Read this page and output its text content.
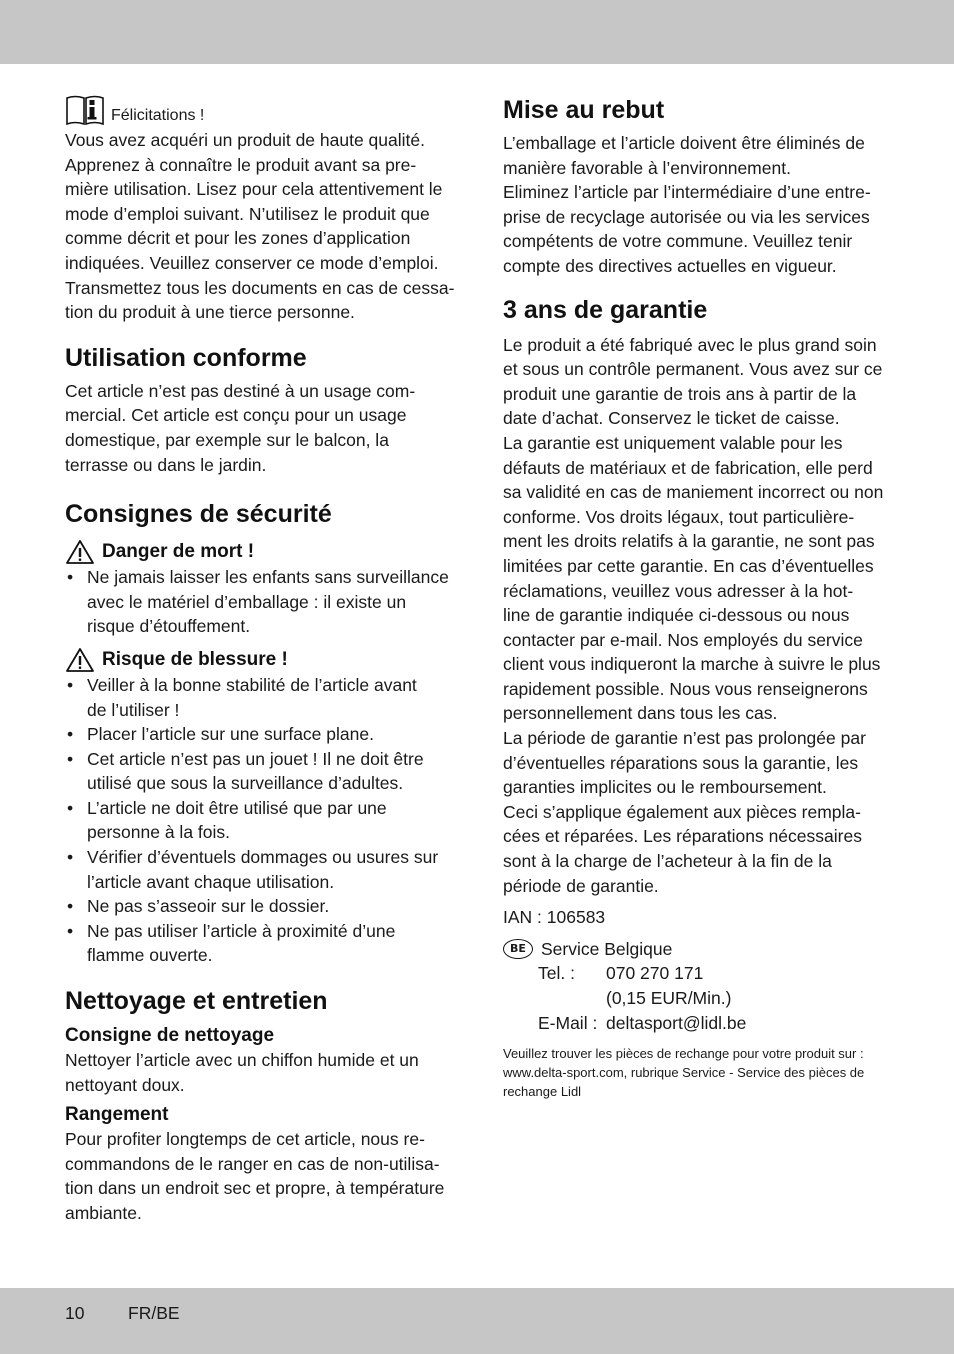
Félicitations !

Vous avez acquéri un produit de haute qualité.

Apprenez à connaître le produit avant sa pre-

mière utilisation. Lisez pour cela attentivement le

mode d’emploi suivant. N’utilisez le produit que

comme décrit et pour les zones d’application

indiquées. Veuillez conserver ce mode d’emploi.

Transmettez tous les documents en cas de cessa-

tion du produit à une tierce personne.

Utilisation conforme

Cet article n’est pas destiné à un usage com-

mercial. Cet article est conçu pour un usage

domestique, par exemple sur le balcon, la

terrasse ou dans le jardin.

Consignes de sécurité
Danger de mort !
• Ne jamais laisser les enfants sans surveillance
avec le matériel d’emballage : il existe un
risque d’étouffement.
Risque de blessure !
• Veiller à la bonne stabilité de l’article avant
de l’utiliser !
• Placer l’article sur une surface plane.
• Cet article n’est pas un jouet ! Il ne doit être
utilisé que sous la surveillance d’adultes.
• L’article ne doit être utilisé que par une
personne à la fois.
• Vérifier d’éventuels dommages ou usures sur
l’article avant chaque utilisation.
• Ne pas s’asseoir sur le dossier.
• Ne pas utiliser l’article à proximité d’une
flamme ouverte.
Nettoyage et entretien
Consigne de nettoyage

Nettoyer l’article avec un chiffon humide et un

nettoyant doux.

Rangement

Pour profiter longtemps de cet article, nous re-

commandons de le ranger en cas de non-utilisa-

tion dans un endroit sec et propre, à température

ambiante.

Mise au rebut

L’emballage et l’article doivent être éliminés de

manière favorable à l’environnement.

Eliminez l’article par l’intermédiaire d’une entre-

prise de recyclage autorisée ou via les services

compétents de votre commune. Veuillez tenir

compte des directives actuelles en vigueur.

3 ans de garantie

Le produit a été fabriqué avec le plus grand soin

et sous un contrôle permanent. Vous avez sur ce

produit une garantie de trois ans à partir de la

date d’achat. Conservez le ticket de caisse.

La garantie est uniquement valable pour les

défauts de matériaux et de fabrication, elle perd

sa validité en cas de maniement incorrect ou non

conforme. Vos droits légaux, tout particulière-

ment les droits relatifs à la garantie, ne sont pas

limitées par cette garantie. En cas d’éventuelles

réclamations, veuillez vous adresser à la hot-

line de garantie indiquée ci-dessous ou nous

contacter par e-mail. Nos employés du service

client vous indiqueront la marche à suivre le plus

rapidement possible. Nous vous renseignerons

personnellement dans tous les cas.

La période de garantie n’est pas prolongée par

d’éventuelles réparations sous la garantie, les

garanties implicites ou le remboursement.

Ceci s’applique également aux pièces rempla-

cées et réparées. Les réparations nécessaires

sont à la charge de l’acheteur à la fin de la

période de garantie.

IAN : 106583

BE Service Belgique
Tel. :	070 270 171
(0,15 EUR/Min.)
E-Mail : deltasport@lidl.be

Veuillez trouver les pièces de rechange pour votre produit sur :

www.delta-sport.com, rubrique Service - Service des pièces de

rechange Lidl

10 FR/BE
